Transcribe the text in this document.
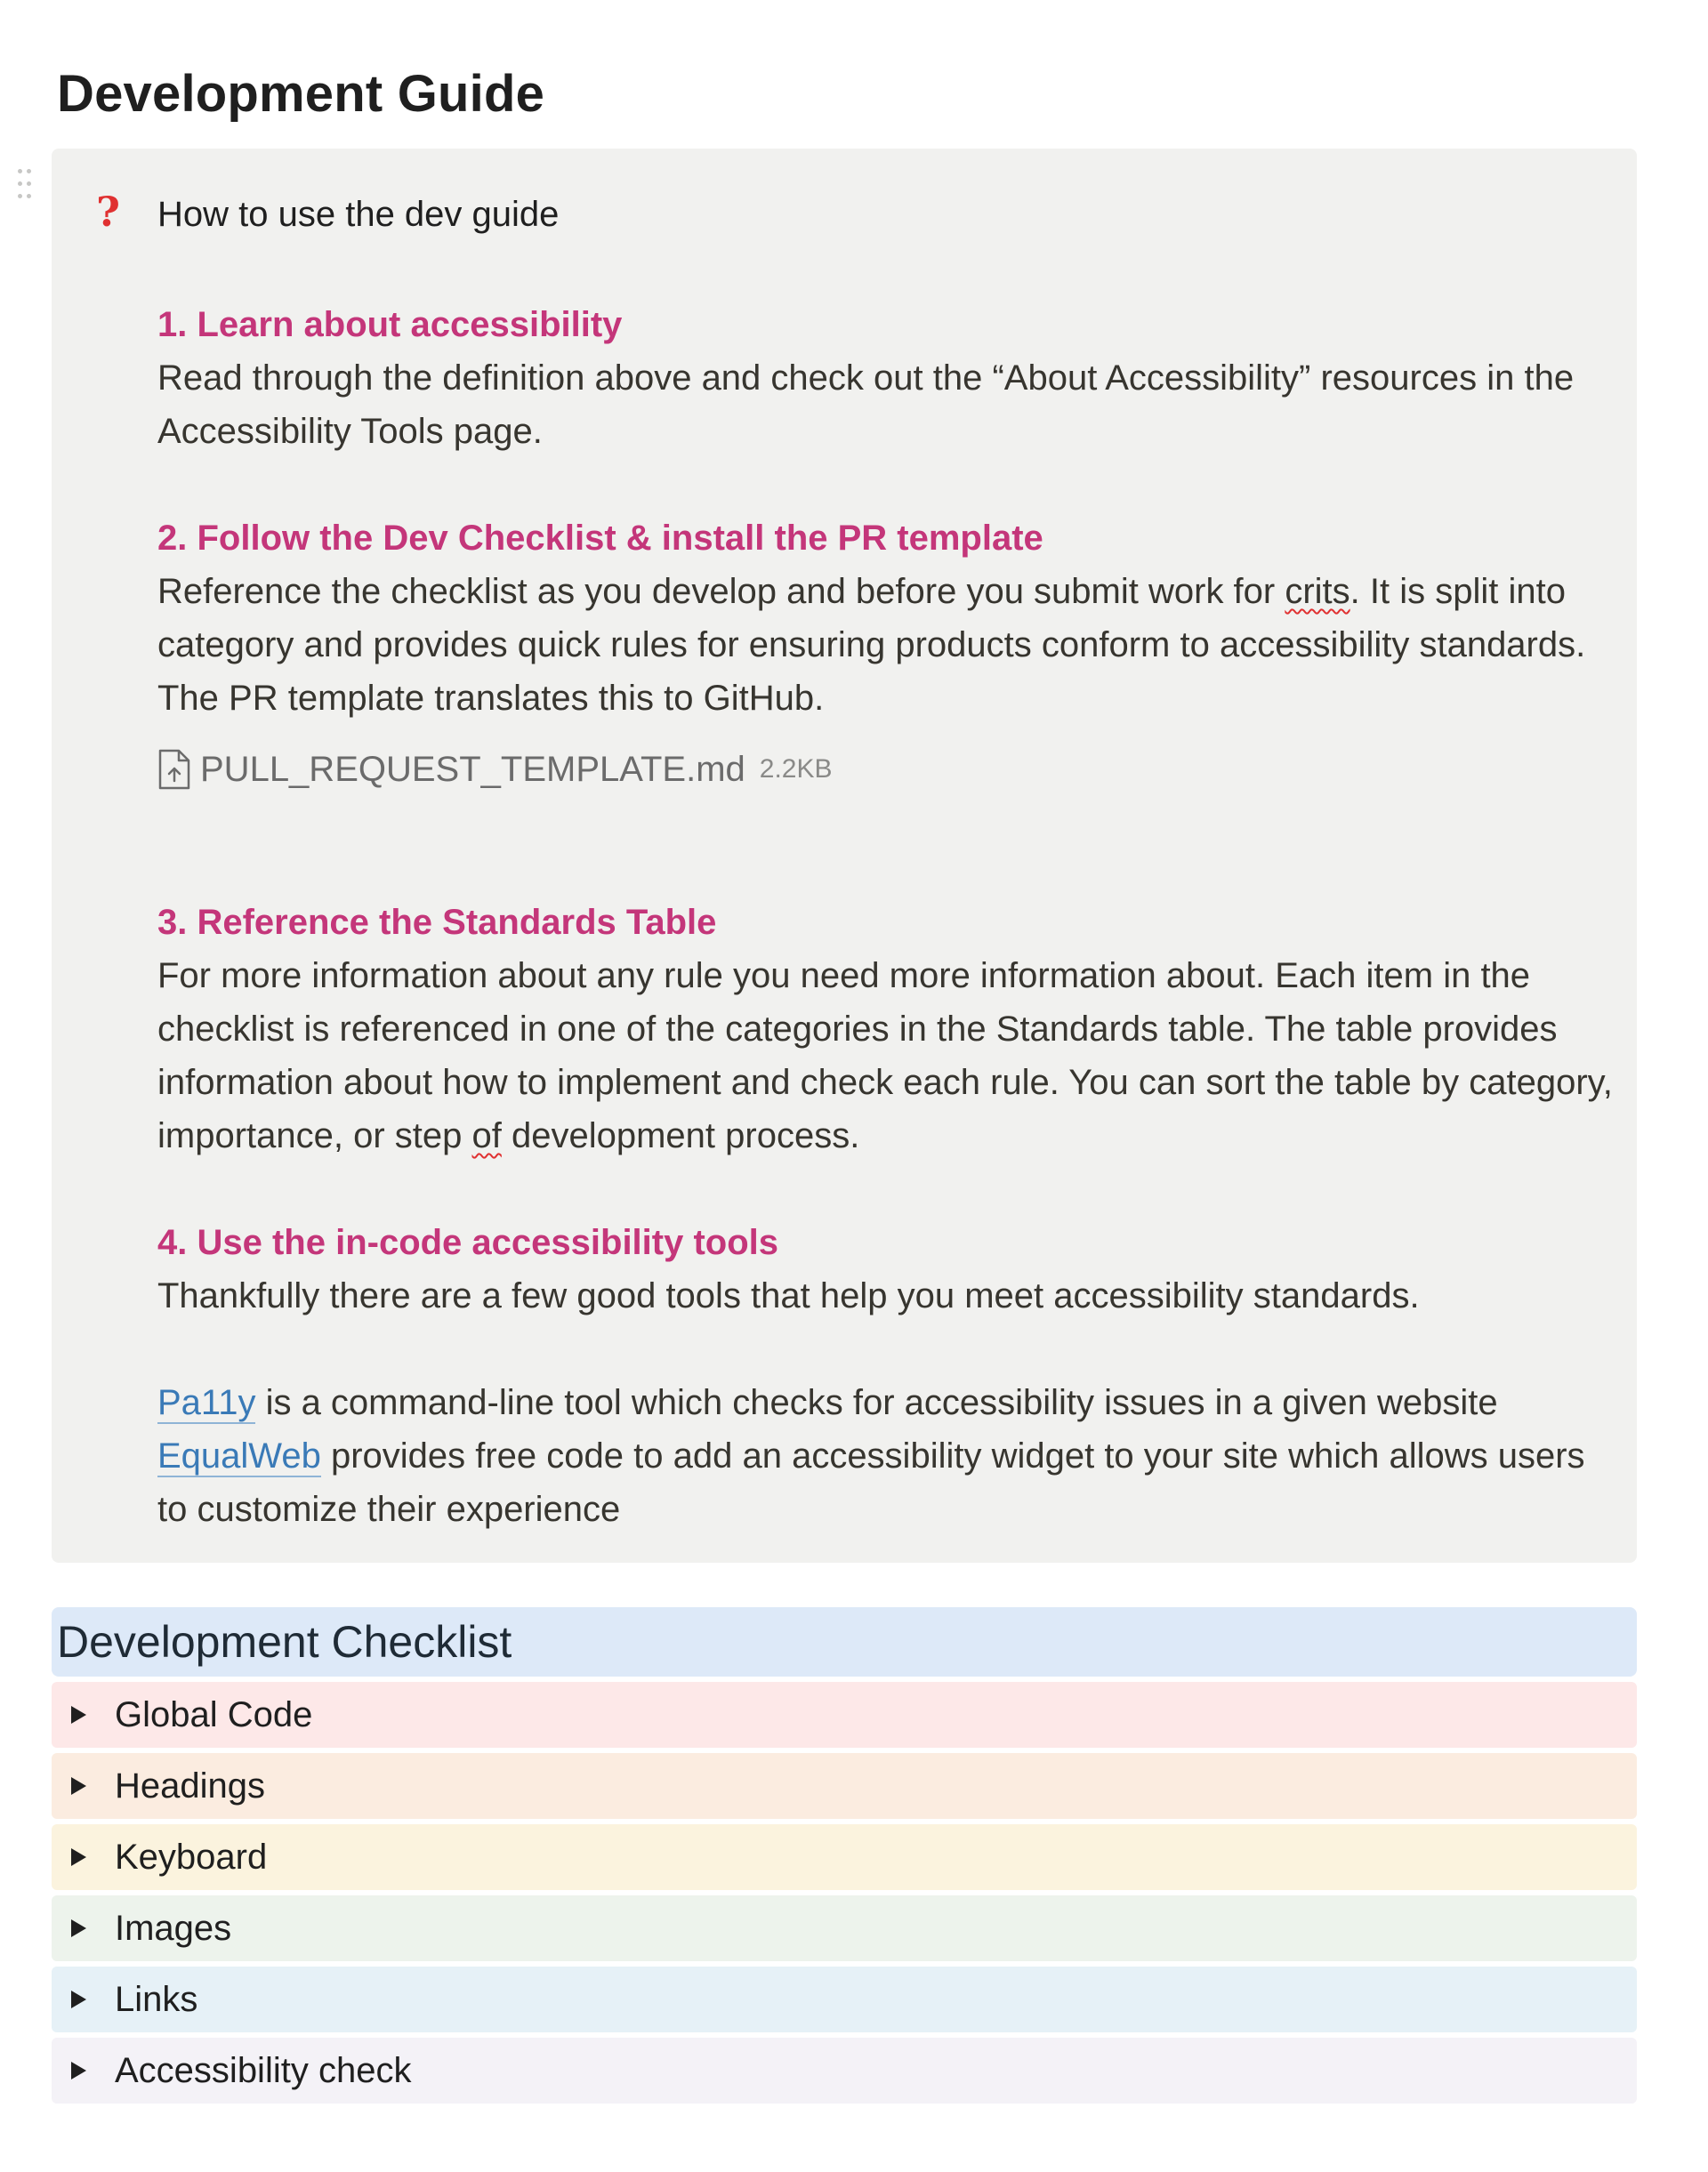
Development Guide
? How to use the dev guide
1. Learn about accessibility
Read through the definition above and check out the “About Accessibility” resources in the Accessibility Tools page.
2. Follow the Dev Checklist & install the PR template
Reference the checklist as you develop and before you submit work for crits. It is split into category and provides quick rules for ensuring products conform to accessibility standards. The PR template translates this to GitHub.
PULL_REQUEST_TEMPLATE.md 2.2KB
3. Reference the Standards Table
For more information about any rule you need more information about. Each item in the checklist is referenced in one of the categories in the Standards table. The table provides information about how to implement and check each rule. You can sort the table by category, importance, or step of development process.
4. Use the in-code accessibility tools
Thankfully there are a few good tools that help you meet accessibility standards.
Pa11y is a command-line tool which checks for accessibility issues in a given website
EqualWeb provides free code to add an accessibility widget to your site which allows users to customize their experience
Development Checklist
Global Code
Headings
Keyboard
Images
Links
Accessibility check
